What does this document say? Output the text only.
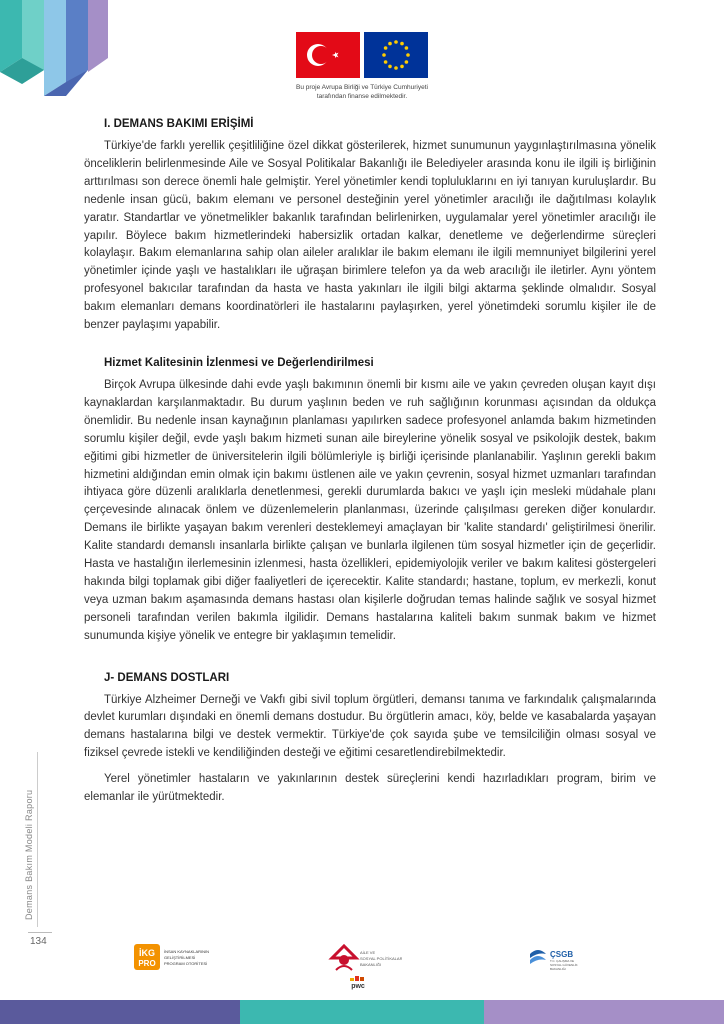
Bu proje Avrupa Birliği ve Türkiye Cumhuriyeti
tarafından finanse edilmektedir.
I. DEMANS BAKIMI ERİŞİMİ

Türkiye'de farklı yerellik çeşitliliğine özel dikkat gösterilerek, hizmet sunumunun yaygınlaştırılmasına yönelik önceliklerin belirlenmesinde Aile ve Sosyal Politikalar Bakanlığı ile Belediyeler arasında konu ile ilgili iş birliğinin arttırılması son derece önemli hale gelmiştir. Yerel yönetimler kendi topluluklarını en iyi tanıyan kuruluşlardır. Bu nedenle insan gücü, bakım elemanı ve personel desteğinin yerel yönetimler aracılığı ile dağıtılması kolaylık yaratır. Standartlar ve yönetmelikler bakanlık tarafından belirlenirken, uygulamalar yerel yönetimler aracılığı ile yapılır. Böylece bakım hizmetlerindeki habersizlik ortadan kalkar, denetleme ve değerlendirme süreçleri kolaylaşır. Bakım elemanlarına sahip olan aileler aralıklar ile bakım elemanı ile ilgili memnuniyet bilgilerini yerel yönetimler içinde yaşlı ve hastalıkları ile uğraşan birimlere telefon ya da web aracılığı ile iletirler. Aynı yöntem profesyonel bakıcılar tarafından da hasta ve hasta yakınları ile ilgili bilgi aktarma şeklinde olmalıdır. Sosyal bakım elemanları demans koordinatörleri ile hastalarını paylaşırken, yerel yönetimdeki sorumlu kişiler ile de benzer paylaşımı yapabilir.

Hizmet Kalitesinin İzlenmesi ve Değerlendirilmesi

Birçok Avrupa ülkesinde dahi evde yaşlı bakımının önemli bir kısmı aile ve yakın çevreden oluşan kayıt dışı kaynaklardan karşılanmaktadır. Bu durum yaşlının beden ve ruh sağlığının korunması açısından da oldukça önemlidir. Bu nedenle insan kaynağının planlaması yapılırken sadece profesyonel anlamda bakım hizmetinden sorumlu kişiler değil, evde yaşlı bakım hizmeti sunan aile bireylerine yönelik sosyal ve psikolojik destek, bakım eğitimi gibi hizmetler de üniversitelerin ilgili bölümleriyle iş birliği içerisinde planlanabilir. Yaşlının gerekli bakım hizmetini aldığından emin olmak için bakımı üstlenen aile ve yakın çevrenin, sosyal hizmet uzmanları tarafından ihtiyaca göre düzenli aralıklarla denetlenmesi, gerekli durumlarda bakıcı ve yaşlı için mesleki müdahale planı çerçevesinde alınacak önlem ve düzenlemelerin planlanması, üzerinde çalışılması gereken diğer konulardır. Demans ile birlikte yaşayan bakım verenleri desteklemeyi amaçlayan bir 'kalite standardı' geliştirilmesi önerilir. Kalite standardı demanslı insanlarla birlikte çalışan ve bunlarla ilgilenen tüm sosyal hizmetler için de geçerlidir. Hasta ve hastalığın ilerlemesinin izlenmesi, hasta özellikleri, epidemiyolojik veriler ve bakım kalitesi göstergeleri hakında bilgi toplamak gibi diğer faaliyetleri de içerecektir. Kalite standardı; hastane, toplum, ev merkezli, konut veya uzman bakım aşamasında demans hastası olan kişilerle doğrudan temas halinde sağlık ve sosyal hizmet personeli tarafından verilen bakımla ilgilidir. Demans hastalarına kaliteli bakım sunmak bakım ve hizmet sunumunda kişiye yönelik ve entegre bir yaklaşımın temelidir.

J- DEMANS DOSTLARI

Türkiye Alzheimer Derneği ve Vakfı gibi sivil toplum örgütleri, demansı tanıma ve farkındalık çalışmalarında devlet kurumları dışındaki en önemli demans dostudur. Bu örgütlerin amacı, köy, belde ve kasabalarda yaşayan demans hastalarına bilgi ve destek vermektir. Türkiye'de çok sayıda şube ve temsilciliğin olması sosyal ve fiziksel çevrede istekli ve kendiliğinden desteği ve eğitimi cesaretlendirebilmektedir.

Yerel yönetimler hastaların ve yakınlarının destek süreçlerini kendi hazırladıkları program, birim ve elemanlar ile yürütmektedir.

Demans Bakım Modeli Raporu
134
İKG
PRO
İNSAN KAYNAKLARININ
GELİŞTİRİLMESİ
PROGRAM OTORİTESİ
AİLE VE
SOSYAL POLİTİKALAR
BAKANLIĞI
pwc
ÇSGB
T.C. ÇALIŞMA VE
SOSYAL GÜVENLİK
BAKANLIĞI
